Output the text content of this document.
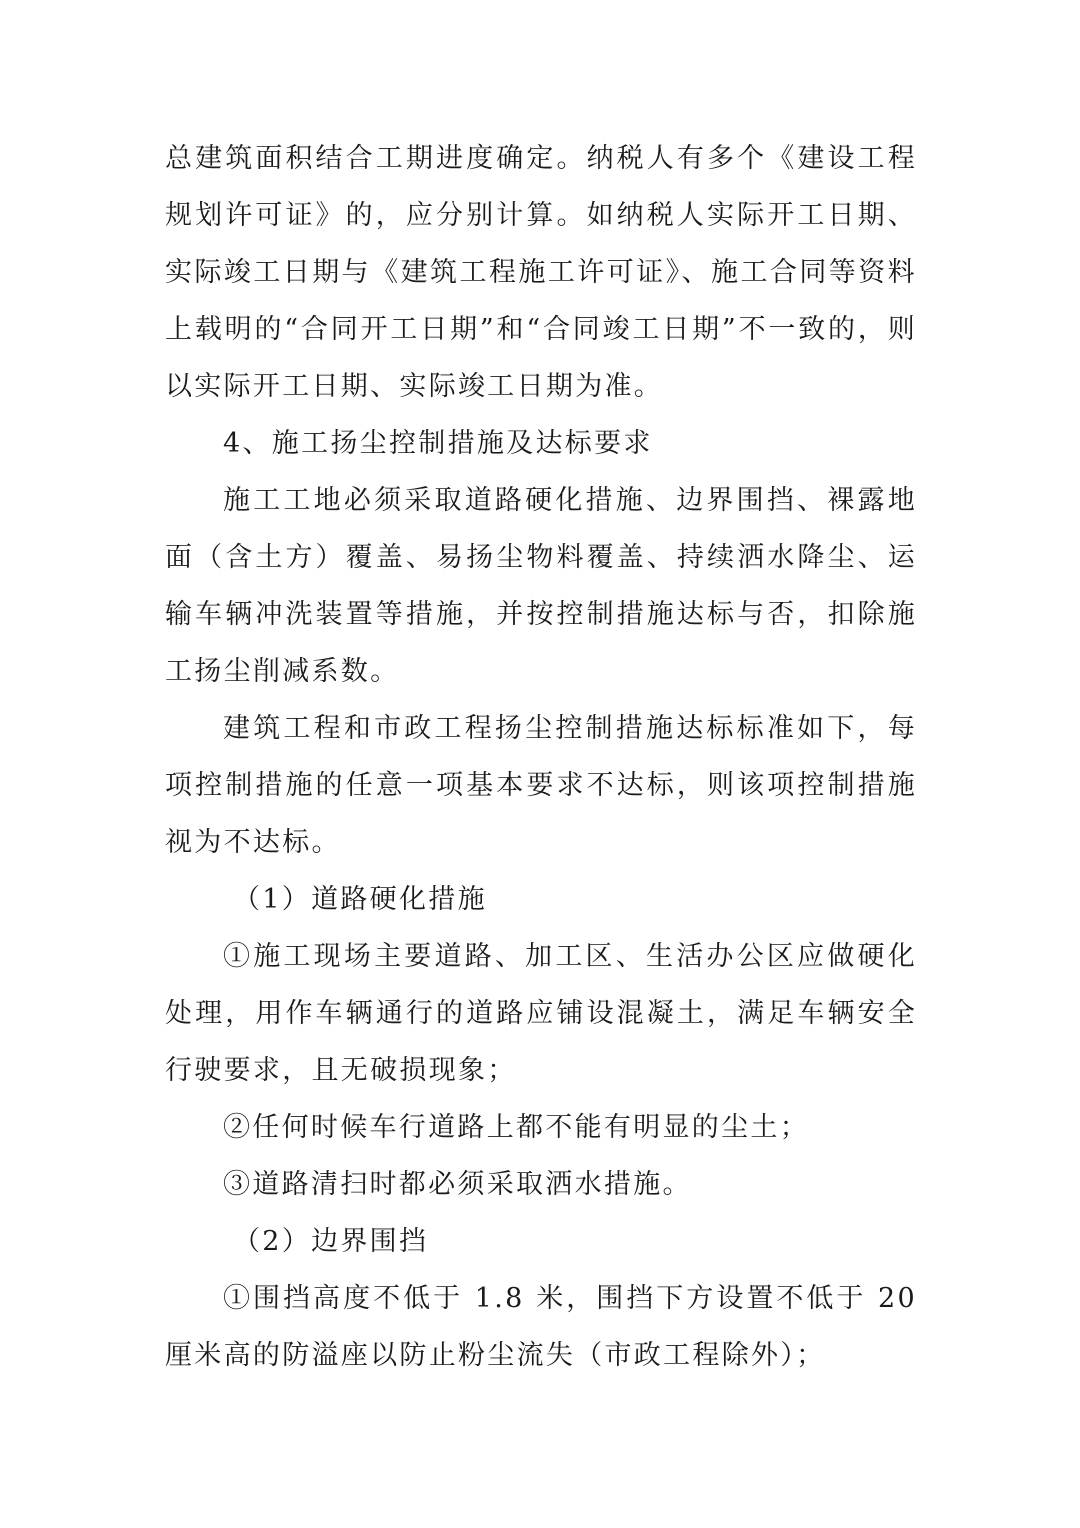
总建筑面积结合工期进度确定。纳税人有多个《建设工程规划许可证》的，应分别计算。如纳税人实际开工日期、实际竣工日期与《建筑工程施工许可证》、施工合同等资料上载明的“合同开工日期”和“合同竣工日期”不一致的，则以实际开工日期、实际竣工日期为准。

4、施工扬尘控制措施及达标要求

施工工地必须采取道路硬化措施、边界围挡、裸露地面（含土方）覆盖、易扬尘物料覆盖、持续洒水降尘、运输车辆冲洗装置等措施，并按控制措施达标与否，扣除施工扬尘削减系数。

建筑工程和市政工程扬尘控制措施达标标准如下，每项控制措施的任意一项基本要求不达标，则该项控制措施视为不达标。

（1）道路硬化措施

①施工现场主要道路、加工区、生活办公区应做硬化处理，用作车辆通行的道路应铺设混凝土，满足车辆安全行驶要求，且无破损现象；

②任何时候车行道路上都不能有明显的尘土；

③道路清扫时都必须采取洒水措施。

（2）边界围挡

①围挡高度不低于 1.8 米，围挡下方设置不低于 20 厘米高的防溢座以防止粉尘流失（市政工程除外）；
